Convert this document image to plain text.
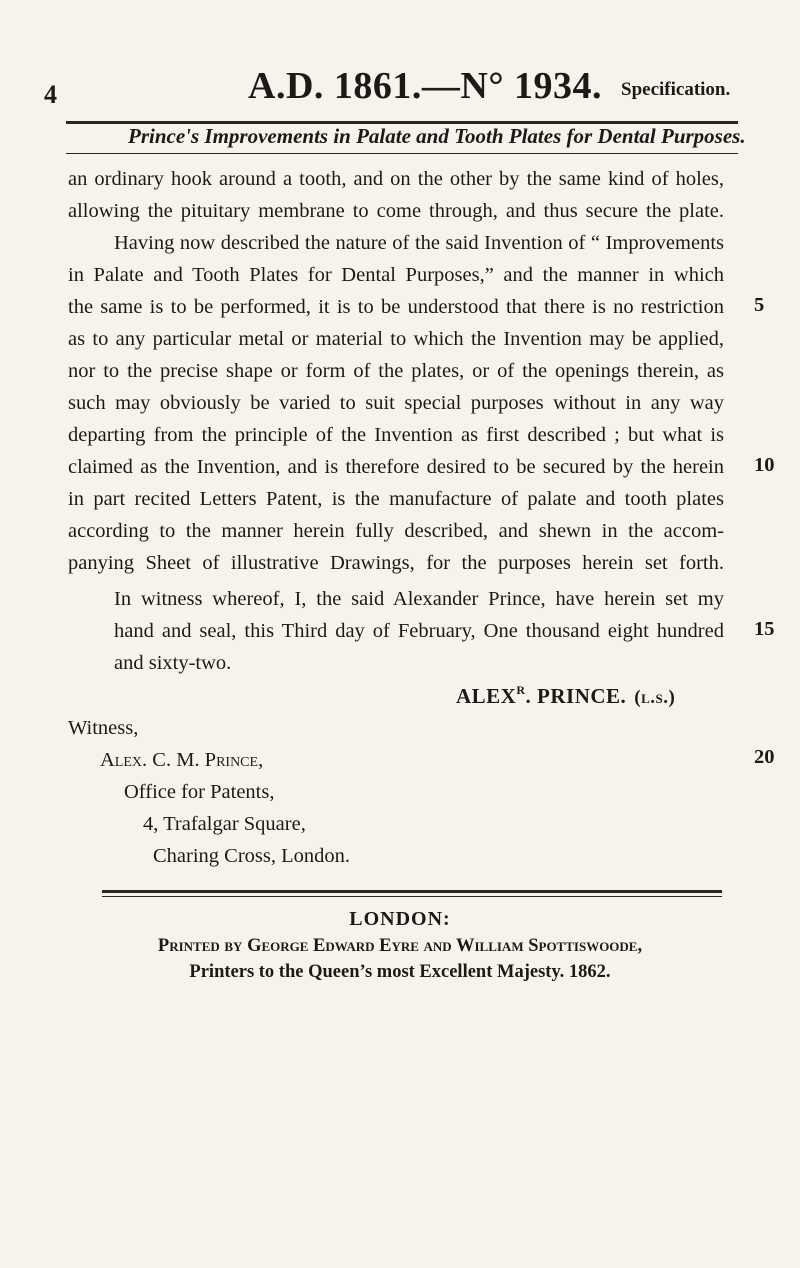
4	A.D. 1861.—N° 1934. Specification.
Prince's Improvements in Palate and Tooth Plates for Dental Purposes.
an ordinary hook around a tooth, and on the other by the same kind of holes,
allowing the pituitary membrane to come through, and thus secure the plate.
Having now described the nature of the said Invention of “ Improvements
in Palate and Tooth Plates for Dental Purposes,” and the manner in which
the same is to be performed, it is to be understood that there is no restriction
as to any particular metal or material to which the Invention may be applied,
nor to the precise shape or form of the plates, or of the openings therein, as
such may obviously be varied to suit special purposes without in any way
departing from the principle of the Invention as first described ; but what is
claimed as the Invention, and is therefore desired to be secured by the herein
in part recited Letters Patent, is the manufacture of palate and tooth plates
according to the manner herein fully described, and shewn in the accom-
panying Sheet of illustrative Drawings, for the purposes herein set forth.
In witness whereof, I, the said Alexander Prince, have herein set my
hand and seal, this Third day of February, One thousand eight hundred
and sixty-two.
5
10
15
20
$ALEX^R$. PRINCE. (l.s.)
Witness,
Alex. C. M. Prince,
Office for Patents,
4, Trafalgar Square,
Charing Cross, London.
LONDON:
Printed by George Edward Eyre and William Spottiswoode,
Printers to the Queen’s most Excellent Majesty. 1862.
